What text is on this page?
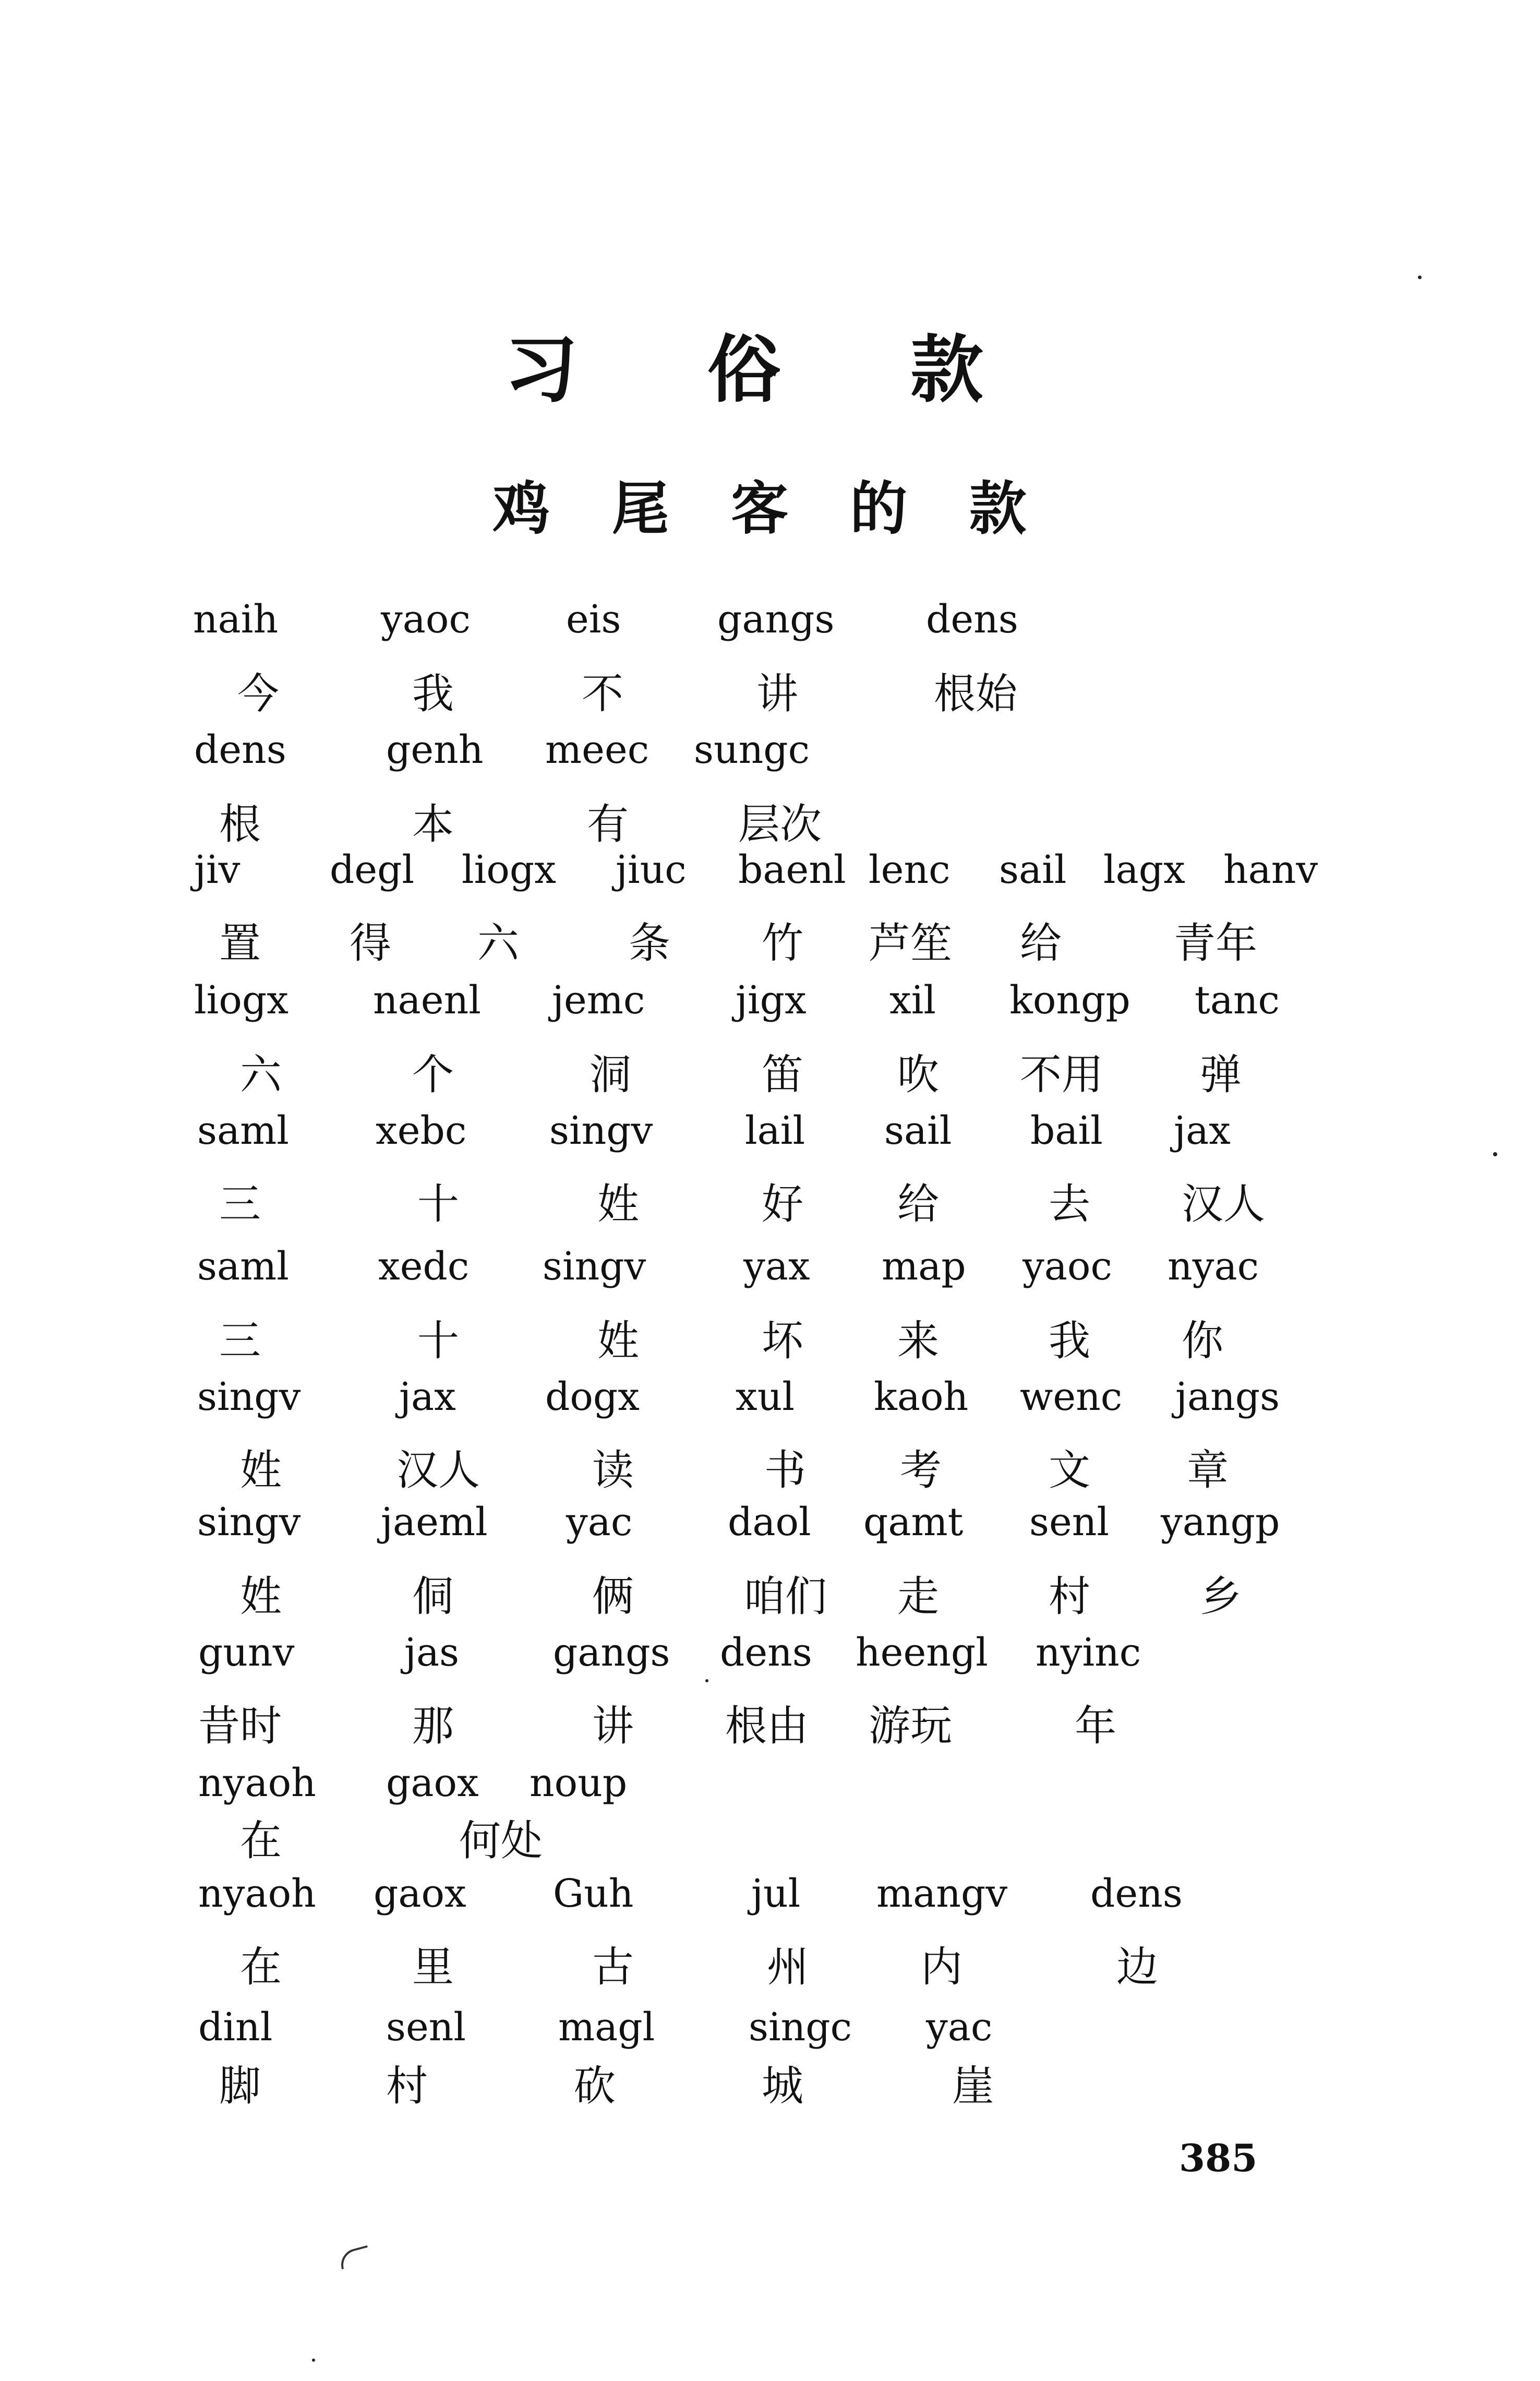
习 俗 款
鸡 尾 客 的 款
naih	yaoc eis gangs dens
今	我	不	讲	根始
dens	genh meec sungc
根	本	有	层次
jiv degl liogx jiuc baenl lenc sail lagx hanv
置 得 六	条 竹 芦笙 给	青年
liogx naenl jemc jigx xil kongp tanc
六	个	洞	笛 吹 不用 弹
saml xebc singv lail sail bail jax
三	十	姓	好 给	去 汉人
saml xedc singv	yax map yaoc nyac
三	十	姓	坏 来	我 你
singv	jax dogx xul kaoh wenc jangs
姓	汉人	读	书 考	文 章
singv jaeml yac daol qamt senl yangp
姓	侗	俩	咱们 走	村	乡
gunv	jas gangs dens heengl nyinc
昔时	那	讲 根由 游玩	年
nyaoh gaox noup
在	何处
nyaoh gaox Guh	jul mangv dens
在	里	古	州	内	边
dinl	senl magl singc yac
脚	村	砍	城	崖
385
